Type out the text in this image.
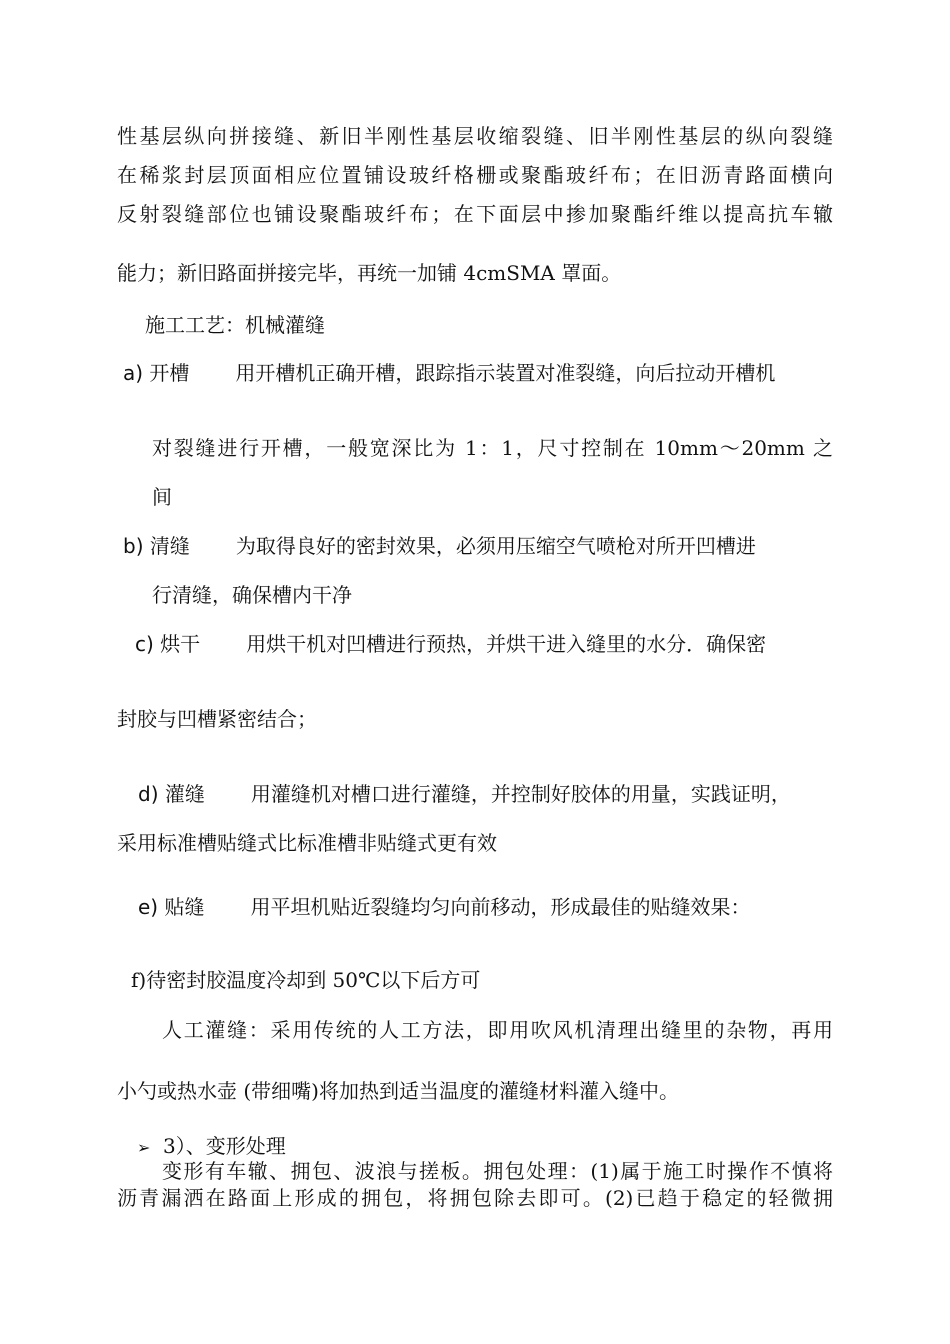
性基层纵向拼接缝、新旧半刚性基层收缩裂缝、旧半刚性基层的纵向裂缝
在稀浆封层顶面相应位置铺设玻纤格栅或聚酯玻纤布；在旧沥青路面横向
反射裂缝部位也铺设聚酯玻纤布；在下面层中掺加聚酯纤维以提高抗车辙
能力；新旧路面拼接完毕，再统一加铺 4cmSMA 罩面。
施工工艺：机械灌缝
a) 开槽 用开槽机正确开槽，跟踪指示装置对准裂缝，向后拉动开槽机
对裂缝进行开槽，一般宽深比为 1：1，尺寸控制在 10mm～20mm 之
间
b) 清缝 为取得良好的密封效果，必须用压缩空气喷枪对所开凹槽进
行清缝，确保槽内干净
c) 烘干 用烘干机对凹槽进行预热，并烘干进入缝里的水分．确保密
封胶与凹槽紧密结合；
d) 灌缝 用灌缝机对槽口进行灌缝，并控制好胶体的用量，实践证明，
采用标准槽贴缝式比标准槽非贴缝式更有效
e) 贴缝 用平坦机贴近裂缝均匀向前移动，形成最佳的贴缝效果：
f)待密封胶温度冷却到 50℃以下后方可
人工灌缝：采用传统的人工方法，即用吹风机清理出缝里的杂物，再用
小勺或热水壶 (带细嘴)将加热到适当温度的灌缝材料灌入缝中。
➢ 3）、变形处理
变形有车辙、拥包、波浪与搓板。拥包处理：(1)属于施工时操作不慎将
沥青漏洒在路面上形成的拥包，将拥包除去即可。(2)已趋于稳定的轻微拥
